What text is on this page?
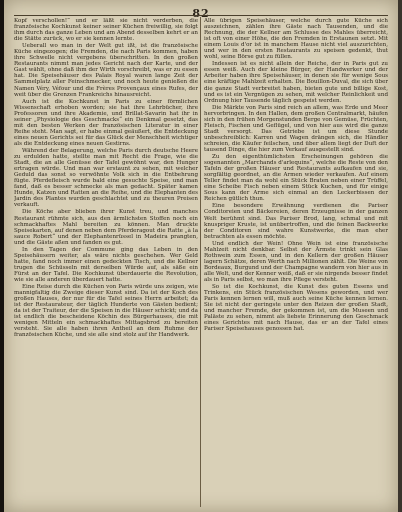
82

Kopf verschollen!“ und er läßt sie nicht verderben, die französische Kochkunst keiner seiner Küchen freiwillig, sie folgt ihm durch das ganze Leben und am Abend desselben kehrt er an die Stätte zurück, wo er sie kennen lernte.

Ueberall wo man in der Welt gut ißt, ist die französische Küche eingezogen; die Fremden, die nach Paris kommen, haben ihre Schwelle nicht vergebens überschritten. In den großen Restaurants nimmt man jedes Gericht nach der Karte, und der Gast wählt, ohne daß ihm der Wirth vorschreibt, was er zu essen hat. Die Speisehäuser des Palais Royal waren lange Zeit der Sammelplatz aller Feinschmecker, und noch heute genießen die Namen Véry, Véfour und die Frères Provençaux eines Rufes, der weit über die Grenzen Frankreichs hinausreicht.

Auch ist die Kochkunst in Paris zu einer förmlichen Wissenschaft erhoben worden; sie hat ihre Lehrbücher, ihre Professoren und ihre Akademie, und Brillat-Savarin hat ihr in seiner „Physiologie des Geschmacks“ ein Denkmal gesetzt, das mit den besten Werken der französischen Literatur in einer Reihe steht. Man sagt, er habe einmal geäußert, die Entdeckung eines neuen Gerichts sei für das Glück der Menschheit wichtiger als die Entdeckung eines neuen Gestirns.

Während der Belagerung, welche Paris durch deutsche Heere zu erdulden hatte, stellte man mit Recht die Frage, wie die Stadt, die an alle Genüsse der Tafel gewöhnt war, den Hunger ertragen würde. Und man war erstaunt zu sehen, mit welcher Geduld das sonst so verwöhnte Volk sich in die Entbehrung fügte. Pferdefleisch wurde bald eine gesuchte Speise, und man fand, daß es besser schmecke als man gedacht. Später kamen Hunde, Katzen und Ratten an die Reihe, und die Elephanten des Jardin des Plantes wurden geschlachtet und zu theuren Preisen verkauft.

Die Köche aber blieben ihrer Kunst treu, und manches Restaurant rühmte sich, aus den ärmlichsten Stoffen noch ein schmackhaftes Mahl bereiten zu können. Man druckte Speisekarten, auf denen neben dem Pferderagout die Ratte „à la sauce Robert“ und der Elephantenrüssel in Madeira prangten, und die Gäste aßen und fanden es gut.

In den Tagen der Commune ging das Leben in den Speisehäusern weiter, als wäre nichts geschehen. Wer Geld hatte, fand noch immer einen gedeckten Tisch, und die Kellner trugen die Schüsseln mit derselben Würde auf, als säße ein Fürst an der Tafel. Die Kochkunst überdauerte die Revolution, wie sie alle anderen überdauert hatte.

Eine Reise durch die Küchen von Paris würde uns zeigen, wie mannigfaltig die Zweige dieser Kunst sind. Da ist der Koch des großen Hauses, der nur für die Tafel seines Herrn arbeitet; da ist der Restaurateur, der täglich Hunderte von Gästen bedient; da ist der Traiteur, der die Speisen in die Häuser schickt; und da ist endlich die bescheidene Köchin des Bürgerhauses, die mit wenigen Mitteln ein schmackhaftes Mittagsbrod zu bereiten versteht. Sie alle haben ihren Antheil an dem Ruhme der französischen Küche, und sie alle sind stolz auf ihr Handwerk.

Alle übrigen Speisehäuser, welche durch gute Küche sich auszeichnen, zählen ihre Gäste nach Tausenden, und die Rechnung, die der Kellner am Schlusse des Mahles überreicht, ist oft von einer Höhe, die den Fremden in Erstaunen setzt. Mit einem Louis d'or ist in manchem Hause nicht viel auszurichten, und wer in den ersten Restaurants zu speisen gedenkt, thut wohl, seine Börse gut zu füllen.

Indessen ist es nicht allein der Reiche, der in Paris gut zu essen weiß. Auch der kleine Bürger, der Handwerker und der Arbeiter haben ihre Speisehäuser, in denen sie für wenige Sous eine kräftige Mahlzeit erhalten. Die Bouillon-Duval, die sich über die ganze Stadt verbreitet haben, bieten gute und billige Kost, und es ist ein Vergnügen zu sehen, mit welcher Reinlichkeit und Ordnung hier Tausende täglich gespeist werden.

Die Märkte von Paris sind reich an allem, was Erde und Meer hervorbringen. In den Hallen, dem großen Centralmarkt, häufen sich in den frühen Morgenstunden Berge von Gemüse, Früchten, Fleisch, Fischen und Geflügel, und von hier aus wird die ganze Stadt versorgt. Das Getriebe ist um diese Stunde unbeschreiblich: Karren und Wagen drängen sich, die Händler schreien, die Käufer feilschen, und über allem liegt der Duft der tausend Dinge, die hier zum Verkauf ausgestellt sind.

Zu den eigenthümlichsten Erscheinungen gehören die sogenannten „Marchands d'arlequins“, welche die Reste von den Tafeln der großen Häuser und Restaurants aufkaufen und sie, sorgfältig geordnet, an die Armen wieder verkaufen. Auf einem Teller findet man da wohl ein Stück Braten neben einer Trüffel, eine Scheibe Fisch neben einem Stück Kuchen, und für einige Sous kann der Arme sich einmal an den Leckerbissen der Reichen gütlich thun.

Eine besondere Erwähnung verdienen die Pariser Conditoreien und Bäckereien, deren Erzeugnisse in der ganzen Welt berühmt sind. Das Pariser Brod, lang, schmal und mit knuspriger Kruste, ist unübertroffen, und die feinen Backwerke der Conditoren sind wahre Kunstwerke, die man eher betrachten als essen möchte.

Und endlich der Wein! Ohne Wein ist eine französische Mahlzeit nicht denkbar. Selbst der Ärmste trinkt sein Glas Rothwein zum Essen, und in den Kellern der großen Häuser lagern Schätze, deren Werth nach Millionen zählt. Die Weine von Bordeaux, Burgund und der Champagne wandern von hier aus in alle Welt, und der Kenner weiß, daß er sie nirgends besser findet als in Paris selbst, wo man ihre Pflege versteht.

So ist die Kochkunst, die Kunst des guten Essens und Trinkens, ein Stück französischen Wesens geworden, und wer Paris kennen lernen will, muß auch seine Küche kennen lernen. Sie ist nicht der geringste unter den Reizen der großen Stadt, und mancher Fremde, der gekommen ist, um die Museen und Paläste zu sehen, nimmt als liebste Erinnerung den Geschmack eines Gerichtes mit nach Hause, das er an der Tafel eines Pariser Speisehauses genossen hat.
